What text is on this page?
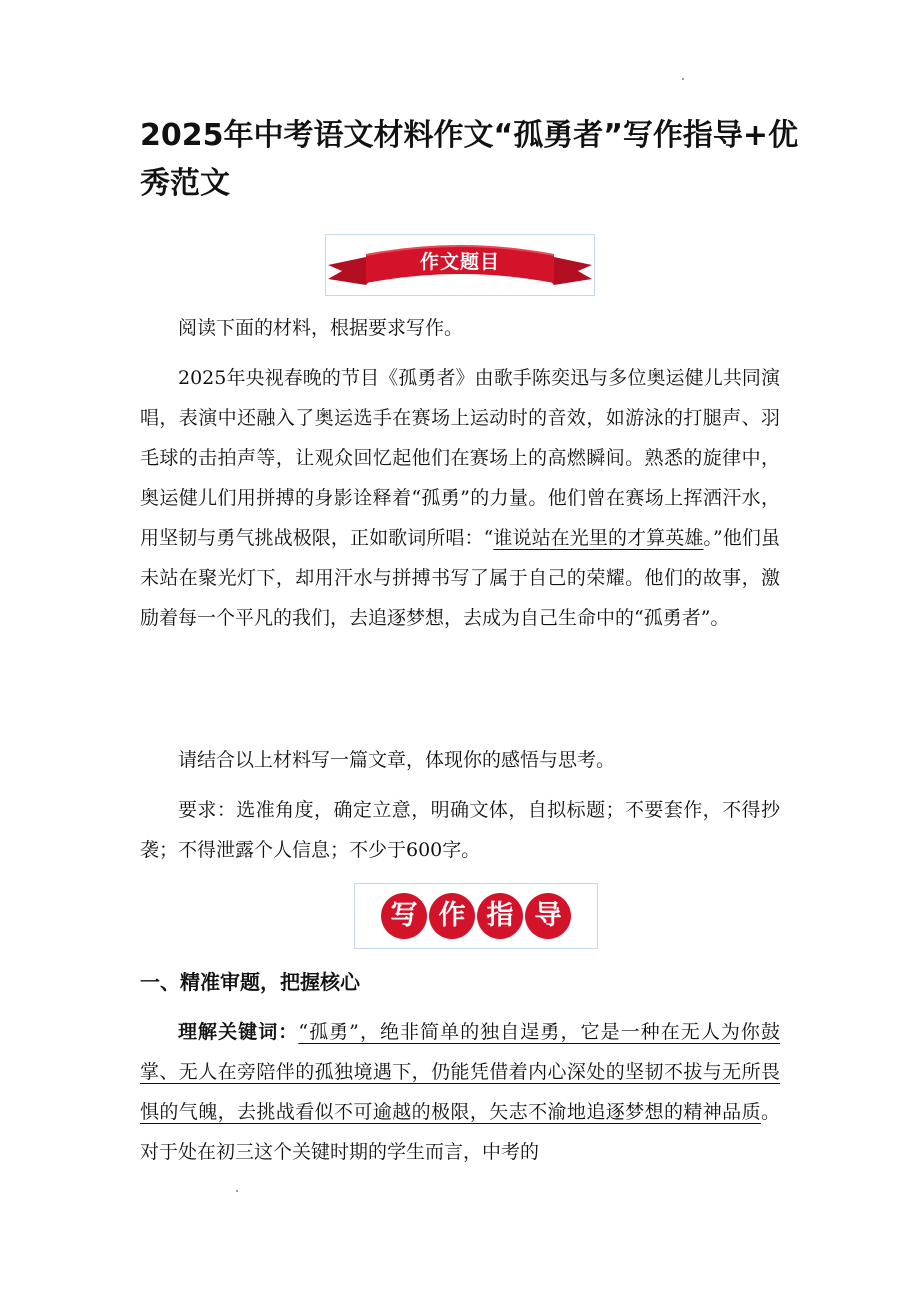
2025年中考语文材料作文“孤勇者”写作指导+优秀范文
作文题目

阅读下面的材料，根据要求写作。

2025年央视春晚的节目《孤勇者》由歌手陈奕迅与多位奥运健儿共同演唱，表演中还融入了奥运选手在赛场上运动时的音效，如游泳的打腿声、羽毛球的击拍声等，让观众回忆起他们在赛场上的高燃瞬间。熟悉的旋律中，奥运健儿们用拼搏的身影诠释着“孤勇”的力量。他们曾在赛场上挥洒汗水，用坚韧与勇气挑战极限，正如歌词所唱：“谁说站在光里的才算英雄。”他们虽未站在聚光灯下，却用汗水与拼搏书写了属于自己的荣耀。他们的故事，激励着每一个平凡的我们，去追逐梦想，去成为自己生命中的“孤勇者”。

请结合以上材料写一篇文章，体现你的感悟与思考。

要求：选准角度，确定立意，明确文体，自拟标题；不要套作，不得抄袭；不得泄露个人信息；不少于600字。

写 作 指 导
一、精准审题，把握核心

理解关键词：“孤勇”，绝非简单的独自逞勇，它是一种在无人为你鼓掌、无人在旁陪伴的孤独境遇下，仍能凭借着内心深处的坚韧不拔与无所畏惧的气魄，去挑战看似不可逾越的极限，矢志不渝地追逐梦想的精神品质。对于处在初三这个关键时期的学生而言，中考的
